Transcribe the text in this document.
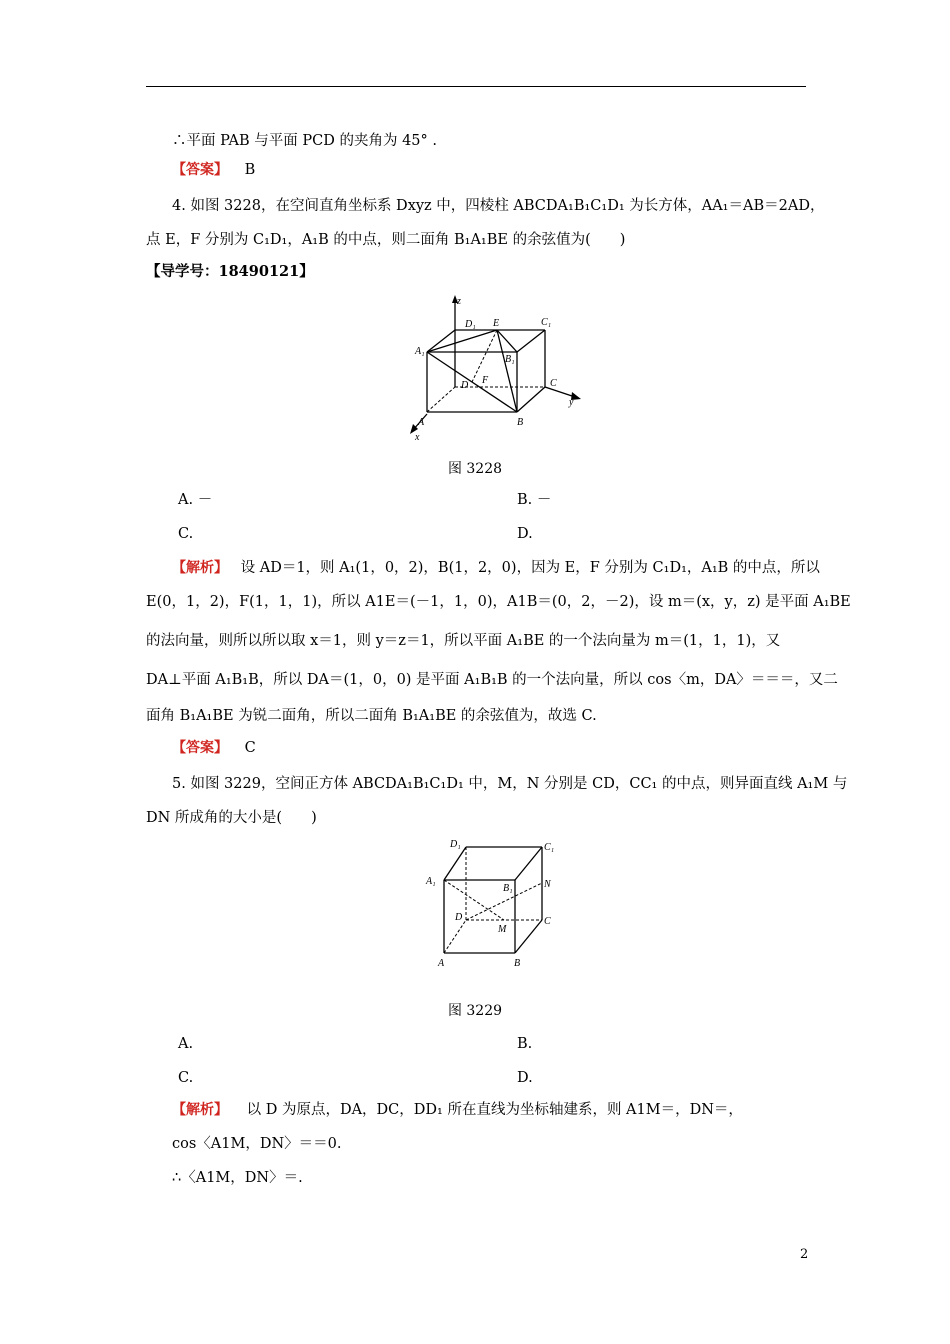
∴平面 PAB 与平面 PCD 的夹角为 45° .
【答案】 B
4. 如图 3228，在空间直角坐标系 Dxyz 中，四棱柱 ABCDA₁B₁C₁D₁ 为长方体，AA₁＝AB＝2AD，
点 E，F 分别为 C₁D₁，A₁B 的中点，则二面角 B₁A₁BE 的余弦值为(　　)
【导学号：18490121】
z
y
x
D₁ E	C₁
A₁
B₁
D F	C
A	B
图 3228
A. －	B. －
C.	D.
【解析】 设 AD＝1，则 A₁(1，0，2)，B(1，2，0)，因为 E，F 分别为 C₁D₁，A₁B 的中点，所以
E(0，1，2)，F(1，1，1)，所以 A1E＝(－1，1，0)，A1B＝(0，2，－2)，设 m＝(x，y，z) 是平面 A₁BE
的法向量，则所以所以取 x＝1，则 y＝z＝1，所以平面 A₁BE 的一个法向量为 m＝(1，1，1)，又
DA⊥平面 A₁B₁B，所以 DA＝(1，0，0) 是平面 A₁B₁B 的一个法向量，所以 cos〈m，DA〉＝＝＝，又二
面角 B₁A₁BE 为锐二面角，所以二面角 B₁A₁BE 的余弦值为，故选 C.
【答案】 C
5. 如图 3229，空间正方体 ABCDA₁B₁C₁D₁ 中，M，N 分别是 CD，CC₁ 的中点，则异面直线 A₁M 与
DN 所成角的大小是(　　)
D₁	C₁
A₁
B₁	N
D	C
M
A	B
图 3229
A.	B.
C.	D.
【解析】 以 D 为原点，DA，DC，DD₁ 所在直线为坐标轴建系，则 A1M＝，DN＝，
cos〈A1M，DN〉＝＝0.
∴〈A1M，DN〉＝.
2
